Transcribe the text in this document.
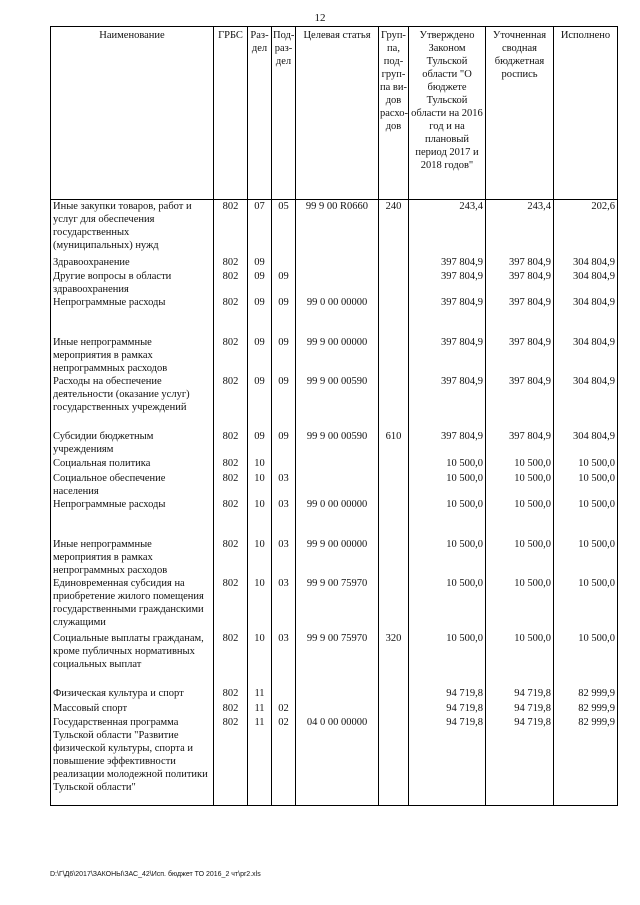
12
Наименование	ГРБС	Раз-дел	Под-раз-дел	Целевая статья	Груп-па, под-груп-па ви-дов расхо-дов	Утверждено Законом Тульской области "О бюджете Тульской области на 2016 год и на плановый период 2017 и 2018 годов"	Уточненная сводная бюджетная роспись	Исполнено
Иные закупки товаров, работ и услуг для обеспечения государственных (муниципальных) нужд	802	07	05	99 9 00 R0660	240	243,4	243,4	202,6
Здравоохранение	802	09				397 804,9	397 804,9	304 804,9
Другие вопросы в области здравоохранения	802	09	09			397 804,9	397 804,9	304 804,9
Непрограммные расходы	802	09	09	99 0 00 00000		397 804,9	397 804,9	304 804,9
Иные непрограммные мероприятия в рамках непрограммных расходов	802	09	09	99 9 00 00000		397 804,9	397 804,9	304 804,9
Расходы на обеспечение деятельности (оказание услуг) государственных учреждений	802	09	09	99 9 00 00590		397 804,9	397 804,9	304 804,9
Субсидии бюджетным учреждениям	802	09	09	99 9 00 00590	610	397 804,9	397 804,9	304 804,9
Социальная политика	802	10				10 500,0	10 500,0	10 500,0
Социальное обеспечение населения	802	10	03			10 500,0	10 500,0	10 500,0
Непрограммные расходы	802	10	03	99 0 00 00000		10 500,0	10 500,0	10 500,0
Иные непрограммные мероприятия в рамках непрограммных расходов	802	10	03	99 9 00 00000		10 500,0	10 500,0	10 500,0
Единовременная субсидия на приобретение жилого помещения государственными гражданскими служащими	802	10	03	99 9 00 75970		10 500,0	10 500,0	10 500,0
Социальные выплаты гражданам, кроме публичных нормативных социальных выплат	802	10	03	99 9 00 75970	320	10 500,0	10 500,0	10 500,0
Физическая культура и спорт	802	11				94 719,8	94 719,8	82 999,9
Массовый спорт	802	11	02			94 719,8	94 719,8	82 999,9
Государственная программа Тульской области "Развитие физической культуры, спорта и повышение эффективности реализации молодежной политики Тульской области"	802	11	02	04 0 00 00000		94 719,8	94 719,8	82 999,9
D:\Г\Д6\2017\ЗАКОНЫ\ЗАС_42\Исп. бюджет ТО 2016_2 чт\pr2.xls
